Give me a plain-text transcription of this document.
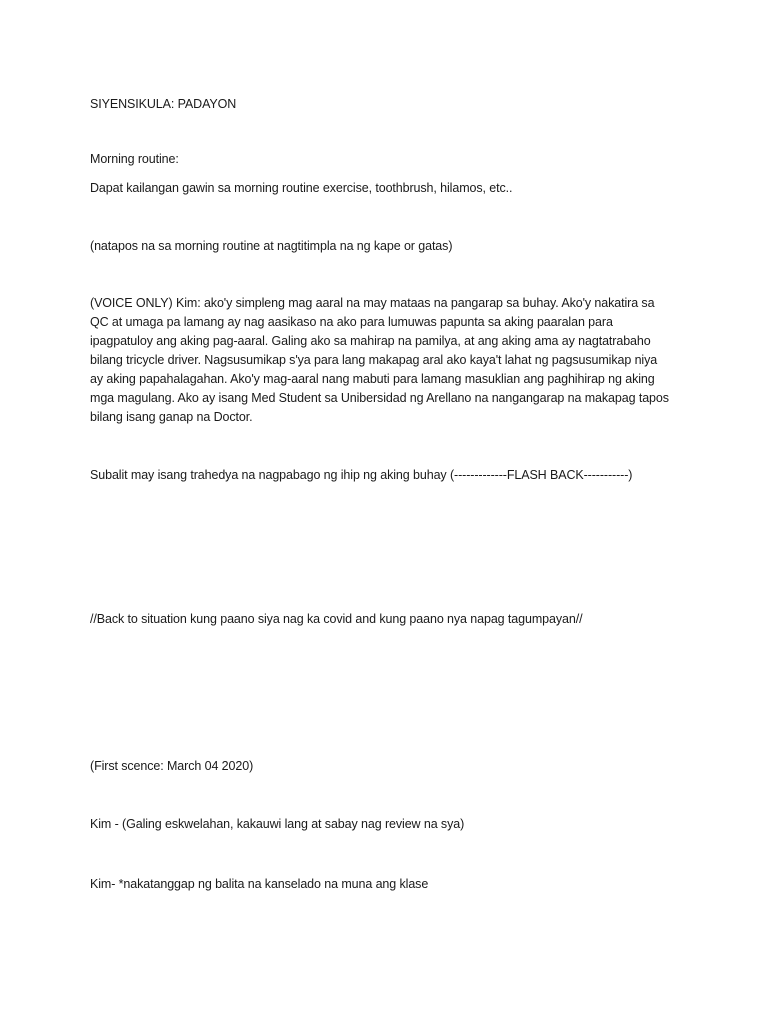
SIYENSIKULA: PADAYON
Morning routine:
Dapat kailangan gawin sa morning routine exercise, toothbrush, hilamos, etc..
(natapos na sa morning routine at nagtitimpla na ng kape or gatas)
(VOICE ONLY) Kim: ako'y simpleng mag aaral na may mataas na pangarap sa buhay. Ako'y nakatira sa
QC at umaga pa lamang ay nag aasikaso na ako para lumuwas papunta sa aking paaralan para
ipagpatuloy ang aking pag-aaral. Galing ako sa mahirap na pamilya, at ang aking ama ay nagtatrabaho
bilang tricycle driver. Nagsusumikap s'ya para lang makapag aral ako kaya't lahat ng pagsusumikap niya
ay aking papahalagahan. Ako'y mag-aaral nang mabuti para lamang masuklian ang paghihirap ng aking
mga magulang. Ako ay isang Med Student sa Unibersidad ng Arellano na nangangarap na makapag tapos
bilang isang ganap na Doctor.
Subalit may isang trahedya na nagpabago ng ihip ng aking buhay (-------------FLASH BACK-----------)
//Back to situation kung paano siya nag ka covid and kung paano nya napag tagumpayan//
(First scence: March 04 2020)
Kim - (Galing eskwelahan, kakauwi lang at sabay nag review na sya)
Kim- *nakatanggap ng balita na kanselado na muna ang klase
